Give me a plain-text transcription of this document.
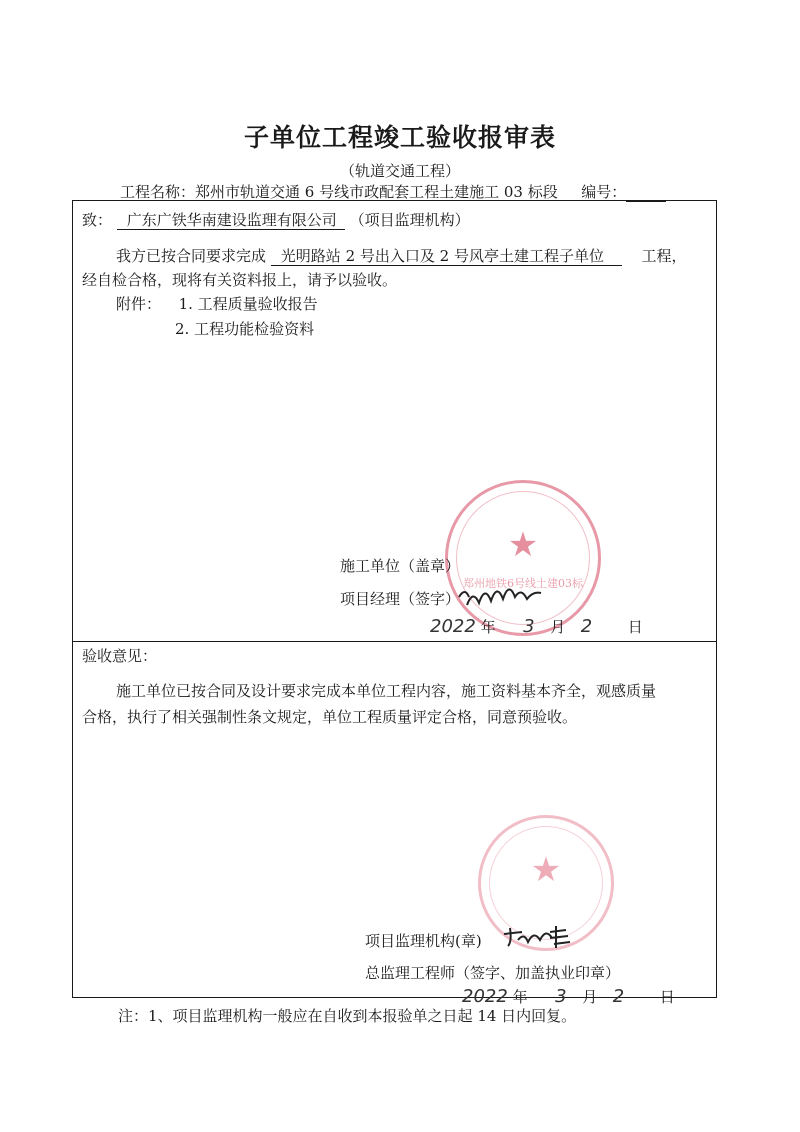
子单位工程竣工验收报审表
（轨道交通工程）
工程名称：郑州市轨道交通 6 号线市政配套工程土建施工 03 标段 编号：
致： 广东广铁华南建设监理有限公司 （项目监理机构）
我方已按合同要求完成 光明路站 2 号出入口及 2 号风亭土建工程子单位	工程，
经自检合格，现将有关资料报上，请予以验收。
附件： 1. 工程质量验收报告
2. 工程功能检验资料
★
郑州地铁6号线土建03标
施工单位（盖章）
项目经理（签字）
2022 年 3 月 2 日
验收意见：
施工单位已按合同及设计要求完成本单位工程内容，施工资料基本齐全，观感质量
合格，执行了相关强制性条文规定，单位工程质量评定合格，同意预验收。
★
项目监理机构(章)
总监理工程师（签字、加盖执业印章）
2022 年 3 月 2 日
注：1、项目监理机构一般应在自收到本报验单之日起 14 日内回复。
